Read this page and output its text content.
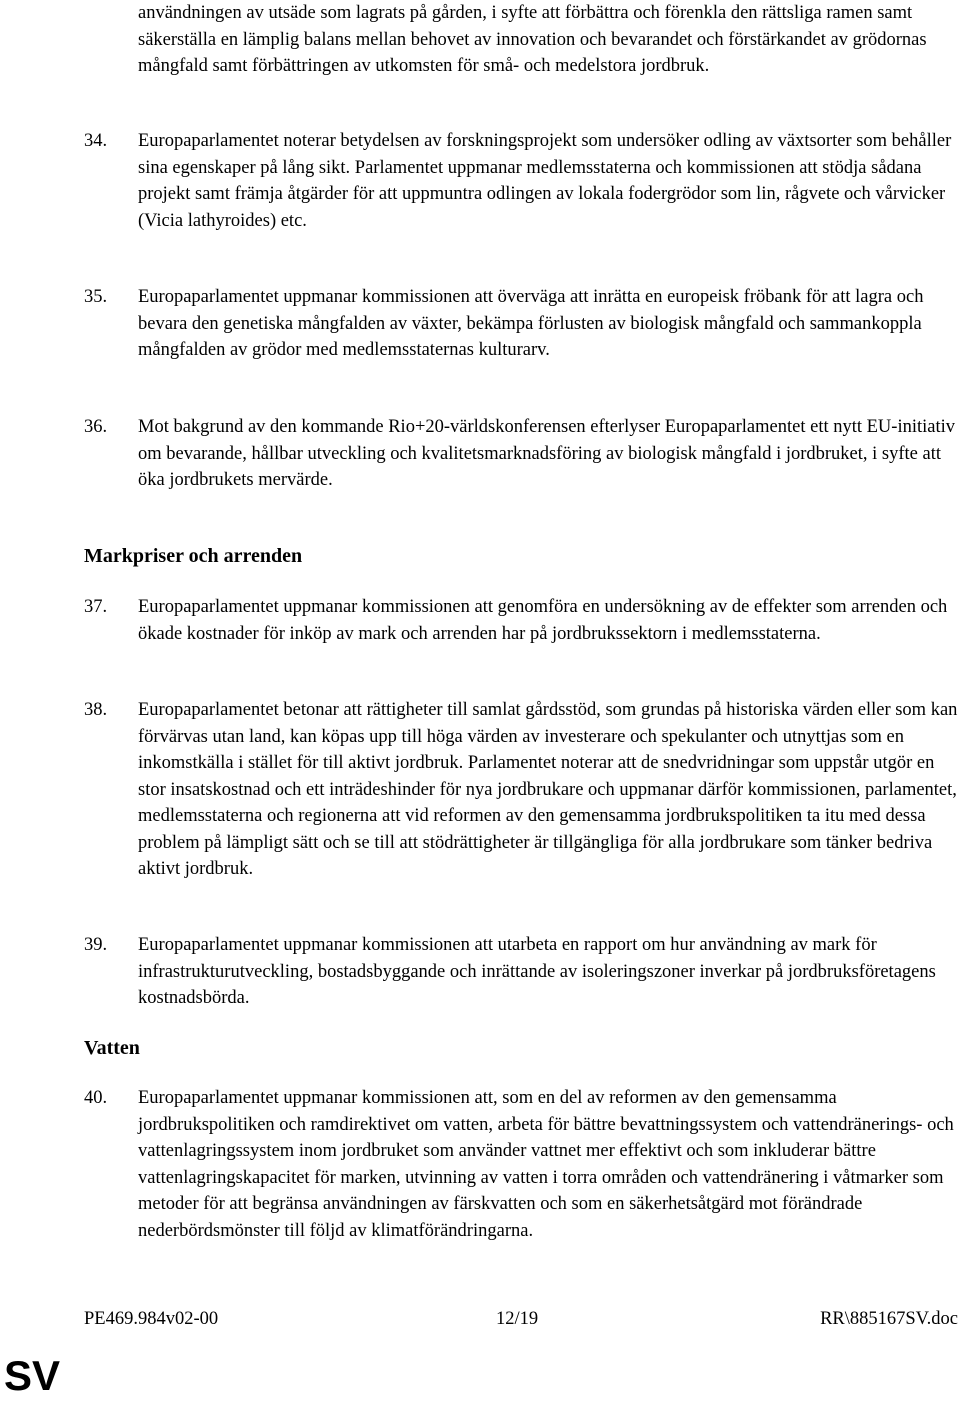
användningen av utsäde som lagrats på gården, i syfte att förbättra och förenkla den rättsliga ramen samt säkerställa en lämplig balans mellan behovet av innovation och bevarandet och förstärkandet av grödornas mångfald samt förbättringen av utkomsten för små- och medelstora jordbruk.

34.	Europaparlamentet noterar betydelsen av forskningsprojekt som undersöker odling av växtsorter som behåller sina egenskaper på lång sikt. Parlamentet uppmanar medlemsstaterna och kommissionen att stödja sådana projekt samt främja åtgärder för att uppmuntra odlingen av lokala fodergrödor som lin, rågvete och vårvicker (Vicia lathyroides) etc.
35.	Europaparlamentet uppmanar kommissionen att överväga att inrätta en europeisk fröbank för att lagra och bevara den genetiska mångfalden av växter, bekämpa förlusten av biologisk mångfald och sammankoppla mångfalden av grödor med medlemsstaternas kulturarv.
36.	Mot bakgrund av den kommande Rio+20-världskonferensen efterlyser Europaparlamentet ett nytt EU-initiativ om bevarande, hållbar utveckling och kvalitetsmarknadsföring av biologisk mångfald i jordbruket, i syfte att öka jordbrukets mervärde.
Markpriser och arrenden
37.	Europaparlamentet uppmanar kommissionen att genomföra en undersökning av de effekter som arrenden och ökade kostnader för inköp av mark och arrenden har på jordbrukssektorn i medlemsstaterna.
38.	Europaparlamentet betonar att rättigheter till samlat gårdsstöd, som grundas på historiska värden eller som kan förvärvas utan land, kan köpas upp till höga värden av investerare och spekulanter och utnyttjas som en inkomstkälla i stället för till aktivt jordbruk. Parlamentet noterar att de snedvridningar som uppstår utgör en stor insatskostnad och ett inträdeshinder för nya jordbrukare och uppmanar därför kommissionen, parlamentet, medlemsstaterna och regionerna att vid reformen av den gemensamma jordbrukspolitiken ta itu med dessa problem på lämpligt sätt och se till att stödrättigheter är tillgängliga för alla jordbrukare som tänker bedriva aktivt jordbruk.
39.	Europaparlamentet uppmanar kommissionen att utarbeta en rapport om hur användning av mark för infrastrukturutveckling, bostadsbyggande och inrättande av isoleringszoner inverkar på jordbruksföretagens kostnadsbörda.
Vatten
40.	Europaparlamentet uppmanar kommissionen att, som en del av reformen av den gemensamma jordbrukspolitiken och ramdirektivet om vatten, arbeta för bättre bevattningssystem och vattendränerings- och vattenlagringssystem inom jordbruket som använder vattnet mer effektivt och som inkluderar bättre vattenlagringskapacitet för marken, utvinning av vatten i torra områden och vattendränering i våtmarker som metoder för att begränsa användningen av färskvatten och som en säkerhetsåtgärd mot förändrade nederbördsmönster till följd av klimatförändringarna.
PE469.984v02-00	12/19	RR\885167SV.doc
SV
